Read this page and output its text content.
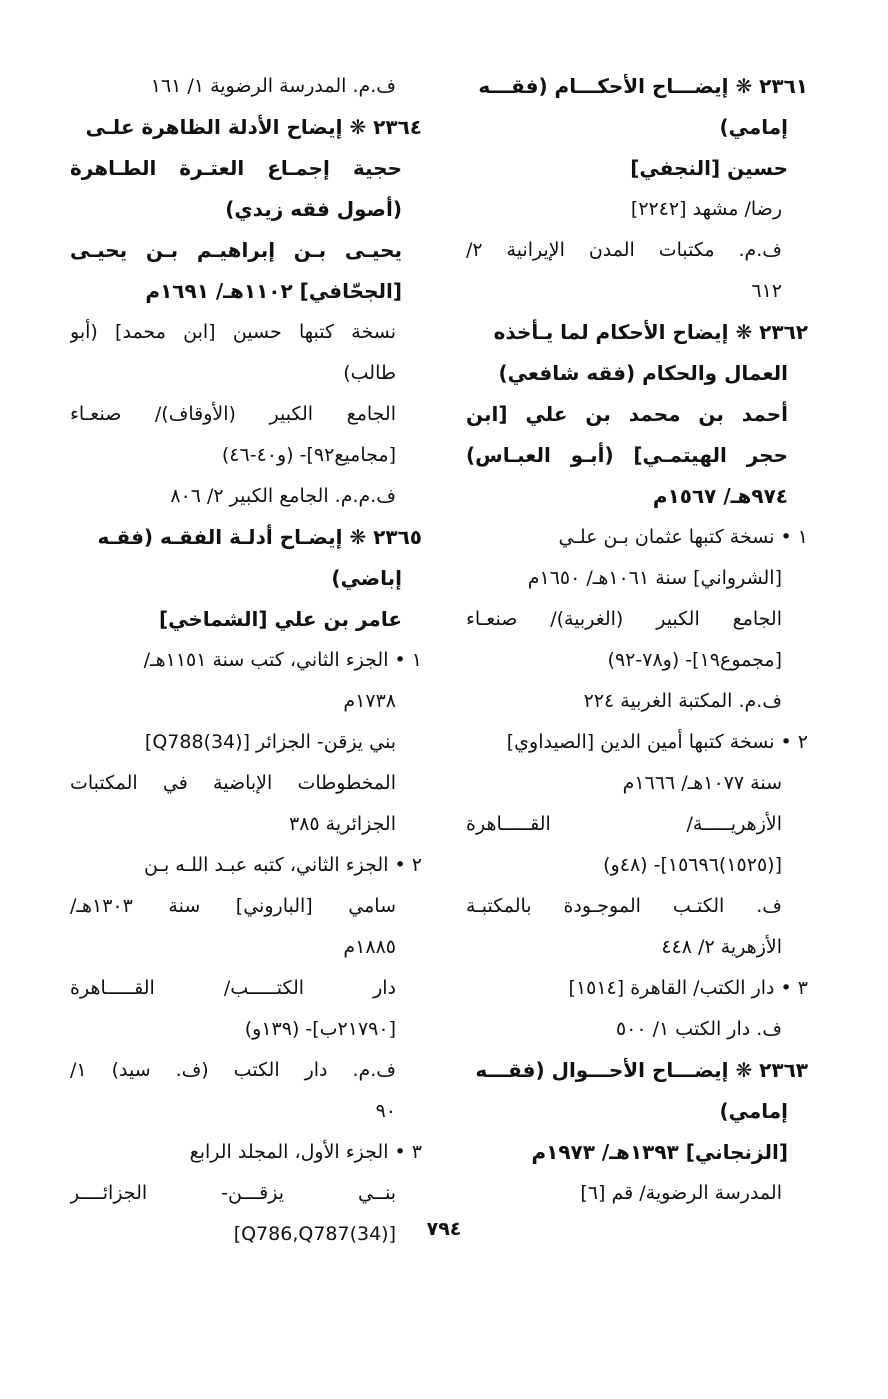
٢٣٦١ ❋ إيضـــاح الأحكـــام (فقـــه
إمامي)
حسين [النجفي]
رضا/ مشهد [٢٢٤٢]
ف.م. مكتبات المدن الإيرانية ٢/
٦١٢
٢٣٦٢ ❋ إيضاح الأحكام لما يـأخذه
العمال والحكام (فقه شافعي)
أحمد بن محمد بن علي [ابن
حجر الهيتمـي] (أبـو العبـاس)
٩٧٤هـ/ ١٥٦٧م
١ • نسخة كتبها عثمان بـن علـي
[الشرواني] سنة ١٠٦١هـ/ ١٦٥٠م
الجامع الكبير (الغربية)/ صنعـاء
[مجموع١٩]- (و٧٨-٩٢)
ف.م. المكتبة الغربية ٢٢٤
٢ • نسخة كتبها أمين الدين [الصيداوي]
سنة ١٠٧٧هـ/ ١٦٦٦م
الأزهريـــــة/ القـــــاهرة
[(١٥٢٥)١٥٦٩٦]- (٤٨و)
ف. الكتـب الموجـودة بالمكتبـة
الأزهرية ٢/ ٤٤٨
٣ • دار الكتب/ القاهرة [١٥١٤]
ف. دار الكتب ١/ ٥٠٠
٢٣٦٣ ❋ إيضـــاح الأحـــوال (فقـــه
إمامي)
[الزنجاني] ١٣٩٣هـ/ ١٩٧٣م
المدرسة الرضوية/ قم [٦]
ف.م. المدرسة الرضوية ١/ ١٦١
٢٣٦٤ ❋ إيضاح الأدلة الظاهرة علـى
حجية إجمـاع العتـرة الطـاهرة
(أصول فقه زيدي)
يحيـى بـن إبراهيـم بـن يحيـى
[الجحّافي] ١١٠٢هـ/ ١٦٩١م
نسخة كتبها حسين [ابن محمد] (أبو
طالب)
الجامع الكبير (الأوقاف)/ صنعـاء
[مجاميع٩٢]- (و٤٠-٤٦)
ف.م.م. الجامع الكبير ٢/ ٨٠٦
٢٣٦٥ ❋ إيضـاح أدلـة الفقـه (فقـه
إباضي)
عامر بن علي [الشماخي]
١ • الجزء الثاني، كتب سنة ١١٥١هـ/
١٧٣٨م
بني يزقن- الجزائر [Q788(34)]
المخطوطات الإباضية في المكتبات
الجزائرية ٣٨٥
٢ • الجزء الثاني، كتبه عبـد اللـه بـن
سامي [الباروني] سنة ١٣٠٣هـ/
١٨٨٥م
دار الكتـــــب/ القـــــاهرة
[٢١٧٩٠ب]- (١٣٩و)
ف.م. دار الكتب (ف. سيد) ١/
٩٠
٣ • الجزء الأول، المجلد الرابع
بنــي يزقـــن- الجزائــــر
[Q786,Q787(34)]	٧٩٤
